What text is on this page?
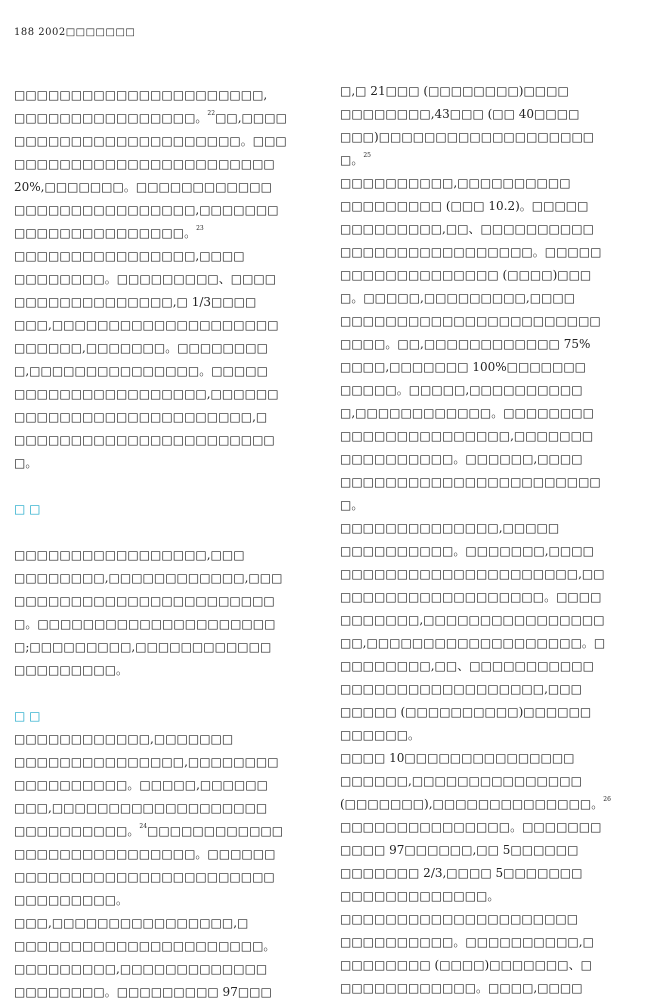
188 2002□□□□□□□
□□□□□□□□□□□□□□□□□□□□□□,
□□□□□□□□□□□□□□□□。$^{22}$□□,□□□□
□□□□□□□□□□□□□□□□□□□□。□□□
□□□□□□□□□□□□□□□□□□□□□□□
20%,□□□□□□□。□□□□□□□□□□□□
□□□□□□□□□□□□□□□□,□□□□□□□
□□□□□□□□□□□□□□□。$^{23}$
□□□□□□□□□□□□□□□□,□□□□
□□□□□□□□。□□□□□□□□□、□□□□
□□□□□□□□□□□□□□,□ 1/3□□□□
□□□,□□□□□□□□□□□□□□□□□□□□
□□□□□□,□□□□□□□。□□□□□□□□
□,□□□□□□□□□□□□□□□。□□□□□
□□□□□□□□□□□□□□□□□,□□□□□□
□□□□□□□□□□□□□□□□□□□□□,□
□□□□□□□□□□□□□□□□□□□□□□□
□。
□ □
□□□□□□□□□□□□□□□□□,□□□
□□□□□□□□,□□□□□□□□□□□□,□□□
□□□□□□□□□□□□□□□□□□□□□□□
□。□□□□□□□□□□□□□□□□□□□□□
□;□□□□□□□□□,□□□□□□□□□□□□
□□□□□□□□□。
□ □
□□□□□□□□□□□□,□□□□□□□
□□□□□□□□□□□□□□□,□□□□□□□□
□□□□□□□□□□。□□□□□,□□□□□□
□□□,□□□□□□□□□□□□□□□□□□□
□□□□□□□□□□。$^{24}$□□□□□□□□□□□□
□□□□□□□□□□□□□□□□。□□□□□□
□□□□□□□□□□□□□□□□□□□□□□□
□□□□□□□□□。
□□□,□□□□□□□□□□□□□□□□,□
□□□□□□□□□□□□□□□□□□□□□□。
□□□□□□□□□,□□□□□□□□□□□□□
□□□□□□□□。□□□□□□□□□ 97□□□
□,□ 21□□□ (□□□□□□□□)□□□□
□□□□□□□□,43□□□ (□□ 40□□□□
□□□)□□□□□□□□□□□□□□□□□□□
□。$^{25}$
□□□□□□□□□□,□□□□□□□□□□
□□□□□□□□□ (□□□ 10.2)。□□□□□
□□□□□□□□□,□□、□□□□□□□□□□
□□□□□□□□□□□□□□□□□。□□□□□
□□□□□□□□□□□□□□ (□□□□)□□□
□。□□□□□,□□□□□□□□□,□□□□
□□□□□□□□□□□□□□□□□□□□□□□
□□□□。□□,□□□□□□□□□□□□ 75%
□□□□,□□□□□□□ 100%□□□□□□□
□□□□□。□□□□□,□□□□□□□□□□
□,□□□□□□□□□□□□。□□□□□□□□
□□□□□□□□□□□□□□□,□□□□□□□
□□□□□□□□□□。□□□□□□,□□□□
□□□□□□□□□□□□□□□□□□□□□□□
□。
□□□□□□□□□□□□□□,□□□□□
□□□□□□□□□□。□□□□□□□,□□□□
□□□□□□□□□□□□□□□□□□□□□,□□
□□□□□□□□□□□□□□□□□□。□□□□
□□□□□□□,□□□□□□□□□□□□□□□□
□□,□□□□□□□□□□□□□□□□□□□。□
□□□□□□□□,□□、□□□□□□□□□□□
□□□□□□□□□□□□□□□□□□,□□□
□□□□□ (□□□□□□□□□□)□□□□□□
□□□□□□。
□□□□ 10□□□□□□□□□□□□□□□
□□□□□□,□□□□□□□□□□□□□□□
(□□□□□□□),□□□□□□□□□□□□□□。$^{26}$
□□□□□□□□□□□□□□□。□□□□□□□
□□□□ 97□□□□□□,□□ 5□□□□□□
□□□□□□□ 2/3,□□□□ 5□□□□□□□
□□□□□□□□□□□□□。
□□□□□□□□□□□□□□□□□□□□□
□□□□□□□□□□。□□□□□□□□□□,□
□□□□□□□□ (□□□□)□□□□□□□、□
□□□□□□□□□□□□。□□□□,□□□□
